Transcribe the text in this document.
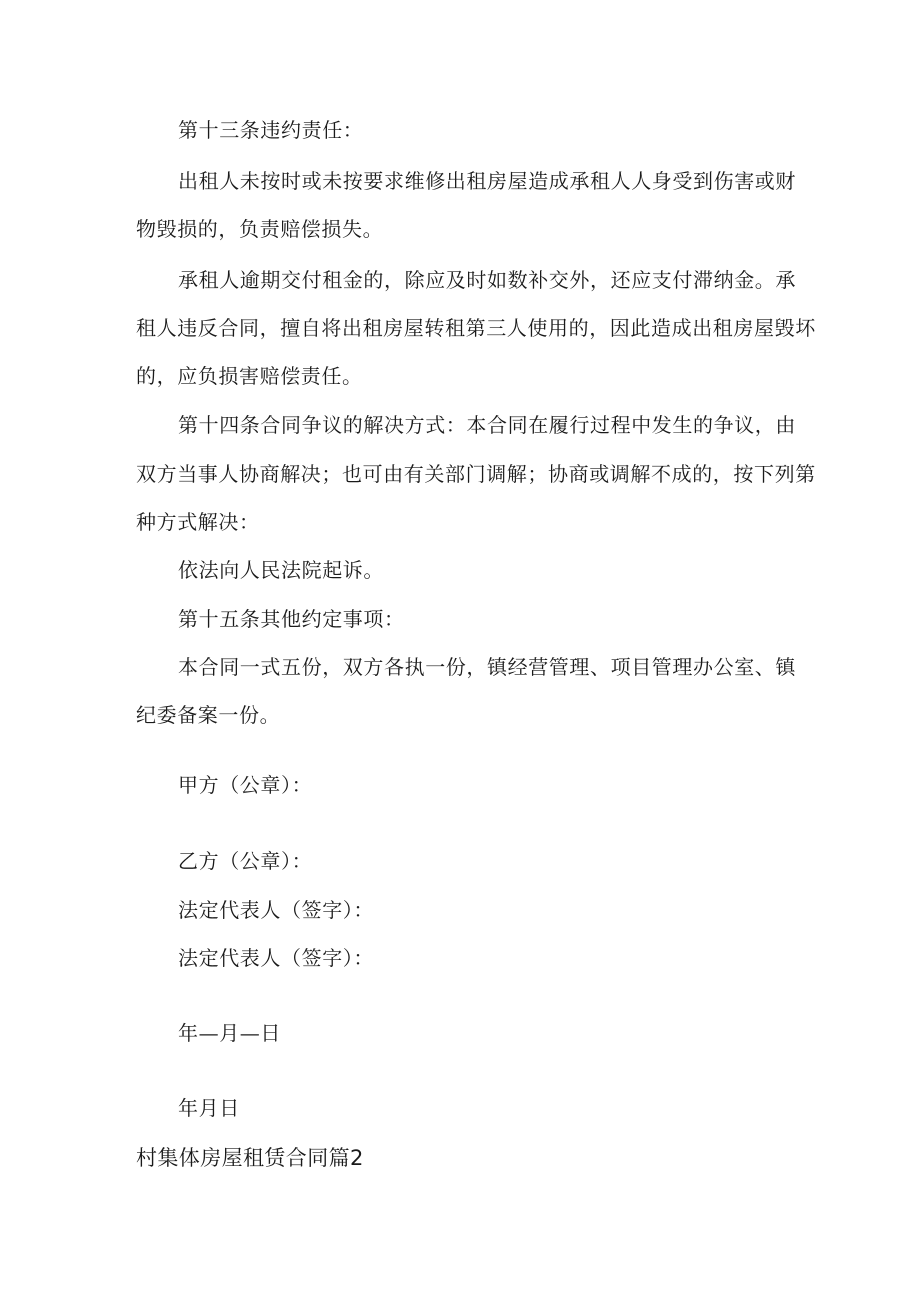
第十三条违约责任：
出租人未按时或未按要求维修出租房屋造成承租人人身受到伤害或财
物毁损的，负责赔偿损失。
承租人逾期交付租金的，除应及时如数补交外，还应支付滞纳金。承
租人违反合同，擅自将出租房屋转租第三人使用的，因此造成出租房屋毁坏
的，应负损害赔偿责任。
第十四条合同争议的解决方式：本合同在履行过程中发生的争议，由
双方当事人协商解决；也可由有关部门调解；协商或调解不成的，按下列第
种方式解决：
依法向人民法院起诉。
第十五条其他约定事项：
本合同一式五份，双方各执一份，镇经营管理、项目管理办公室、镇
纪委备案一份。
甲方（公章）：
乙方（公章）：
法定代表人（签字）：
法定代表人（签字）：
年—月—日
年月日
村集体房屋租赁合同篇2
